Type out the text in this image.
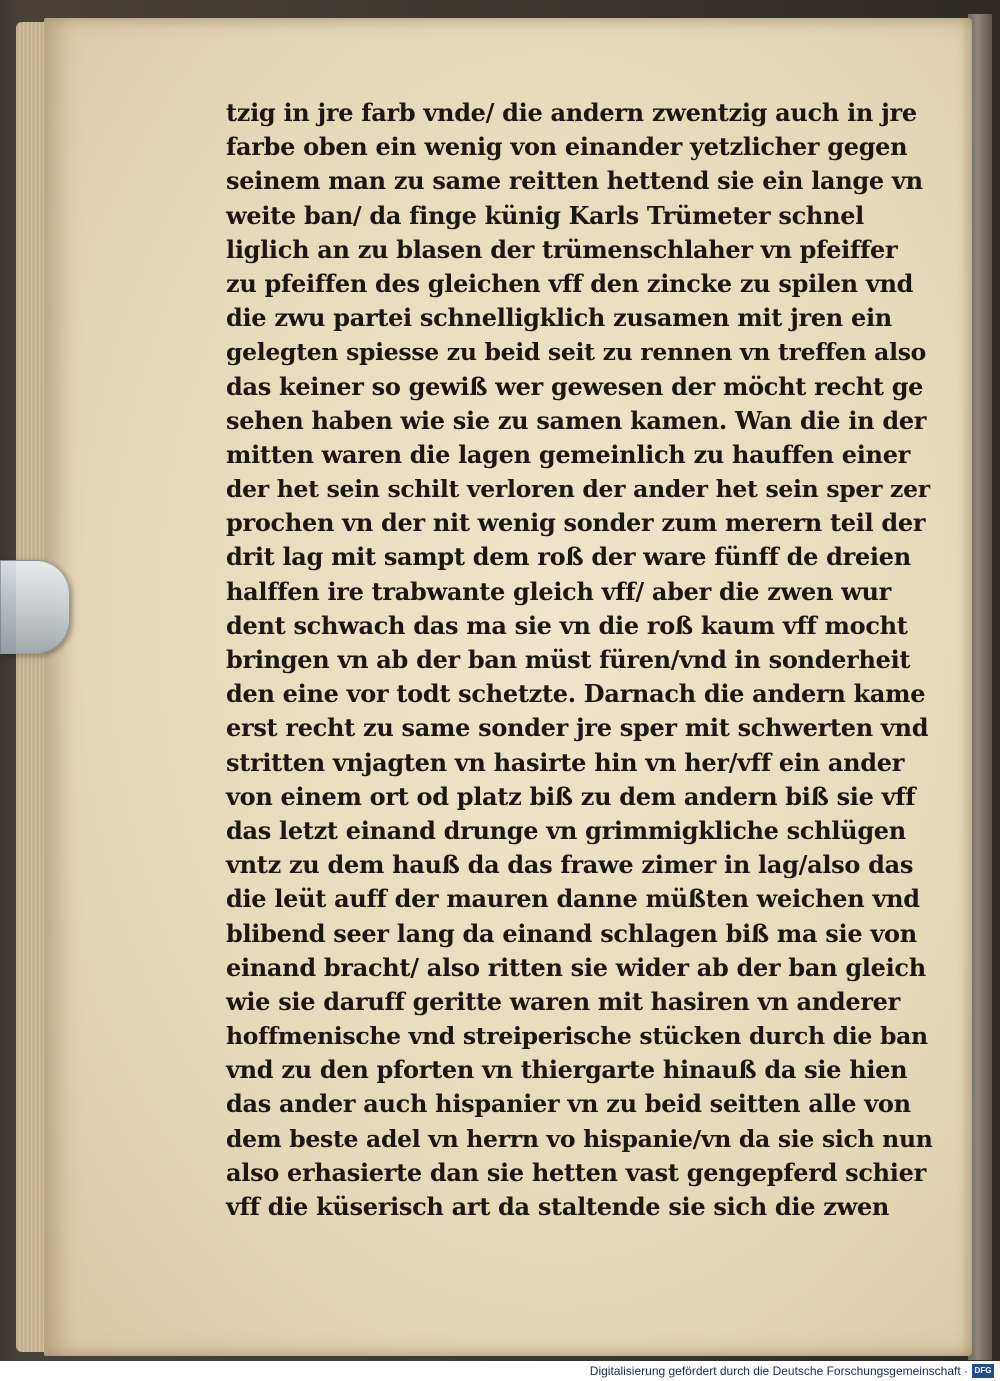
tzig in jre farb vnde/ die andern zwentzig auch in jre
farbe oben ein wenig von einander yetzlicher gegen
seinem man zu same reitten hettend sie ein lange vn
weite ban/ da finge künig Karls Trümeter schnel
liglich an zu blasen der trümenschlaher vn pfeiffer
zu pfeiffen des gleichen vff den zincke zu spilen vnd
die zwu partei schnelligklich zusamen mit jren ein
gelegten spiesse zu beid seit zu rennen vn treffen also
das keiner so gewiß wer gewesen der möcht recht ge
sehen haben wie sie zu samen kamen. Wan die in der
mitten waren die lagen gemeinlich zu hauffen einer
der het sein schilt verloren der ander het sein sper zer
prochen vn der nit wenig sonder zum merern teil der
drit lag mit sampt dem roß der ware fünff de dreien
halffen ire trabwante gleich vff/ aber die zwen wur
dent schwach das ma sie vn die roß kaum vff mocht
bringen vn ab der ban müst füren/vnd in sonderheit
den eine vor todt schetzte. Darnach die andern kame
erst recht zu same sonder jre sper mit schwerten vnd
stritten vnjagten vn hasirte hin vn her/vff ein ander
von einem ort od platz biß zu dem andern biß sie vff
das letzt einand drunge vn grimmigkliche schlügen
vntz zu dem hauß da das frawe zimer in lag/also das
die leüt auff der mauren danne müßten weichen vnd
blibend seer lang da einand schlagen biß ma sie von
einand bracht/ also ritten sie wider ab der ban gleich
wie sie daruff geritte waren mit hasiren vn anderer
hoffmenische vnd streiperische stücken durch die ban
vnd zu den pforten vn thiergarte hinauß da sie hien
das ander auch hispanier vn zu beid seitten alle von
dem beste adel vn herrn vo hispanie/vn da sie sich nun
also erhasierte dan sie hetten vast gengepferd schier
vff die küserisch art da staltende sie sich die zwen
Digitalisierung gefördert durch die Deutsche Forschungsgemeinschaft · DFG
